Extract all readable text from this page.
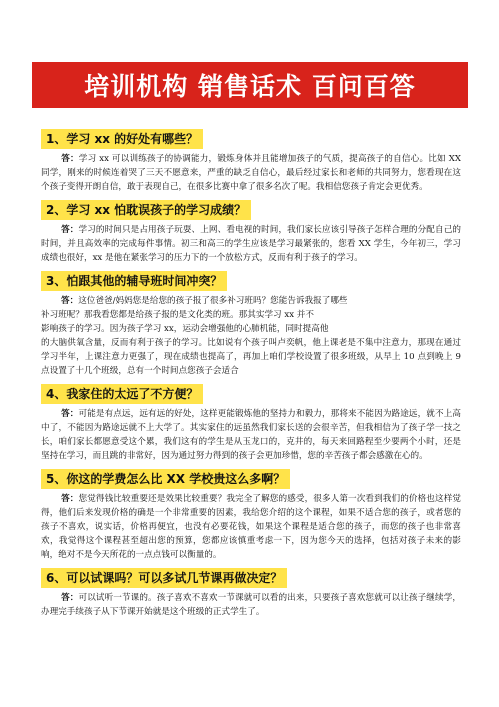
培训机构 销售话术 百问百答
1、学习 xx 的好处有哪些？
答：学习 xx 可以训练孩子的协调能力，锻炼身体并且能增加孩子的气质，提高孩子的自信心。比如 XX 同学，刚来的时候连着哭了三天不愿意来，严重的缺乏自信心，最后经过家长和老师的共同努力，您看现在这个孩子变得开朗自信，敢于表现自己，在很多比赛中拿了很多名次了呢。我相信您孩子肯定会更优秀。
2、学习 xx 怕耽误孩子的学习成绩？
答：学习的时间只是占用孩子玩耍、上网、看电视的时间，我们家长应该引导孩子怎样合理的分配自己的时间，并且高效率的完成每件事情。初三和高三的学生应该是学习最紧张的，您看 XX 学生，今年初三，学习成绩也很好，xx 是他在紧张学习的压力下的一个放松方式，反而有利于孩子的学习。
3、怕跟其他的辅导班时间冲突？

答：这位爸爸/妈妈您是给您的孩子报了很多补习班吗？您能告诉我报了哪些

补习班呢？那我看您都是给孩子报的是文化类的班。那其实学习 xx 并不

影响孩子的学习。因为孩子学习 xx，运动会增强他的心肺机能，同时提高他

的大脑供氧含量，反而有利于孩子的学习。比如说有个孩子叫卢奕帆，他上课老是不集中注意力，那现在通过学习半年，上课注意力更强了，现在成绩也提高了，再加上咱们学校设置了很多班级，从早上 10 点到晚上 9 点设置了十几个班级，总有一个时间点您孩子会适合

4、我家住的太远了不方便？
答：可能是有点远，远有远的好处，这样更能锻炼他的坚持力和毅力，那将来不能因为路途远，就不上高中了，不能因为路途远就不上大学了。其实家住的远虽然我们家长送的会很辛苦，但我相信为了孩子学一技之长，咱们家长都愿意受这个累，我们这有的学生是从玉龙口的，克井的，每天来回路程至少要两个小时，还是坚持在学习，而且跳的非常好，因为通过努力得到的孩子会更加珍惜，您的辛苦孩子都会感激在心的。
5、你这的学费怎么比 XX 学校贵这么多啊？
答：您觉得钱比较重要还是效果比较重要？我完全了解您的感受，很多人第一次看到我们的价格也这样觉得，他们后来发现价格的确是一个非常重要的因素，我给您介绍的这个课程，如果不适合您的孩子，或者您的孩子不喜欢，说实话，价格再便宜，也没有必要花钱，如果这个课程是适合您的孩子，而您的孩子也非常喜欢，我觉得这个课程甚至超出您的预算，您都应该慎重考虑一下，因为您今天的选择，包括对孩子未来的影响，绝对不是今天所花的一点点钱可以衡量的。
6、可以试课吗？可以多试几节课再做决定？
答：可以试听一节课的。孩子喜欢不喜欢一节课就可以看的出来，只要孩子喜欢您就可以让孩子继续学，办理完手续孩子从下节课开始就是这个班级的正式学生了。
